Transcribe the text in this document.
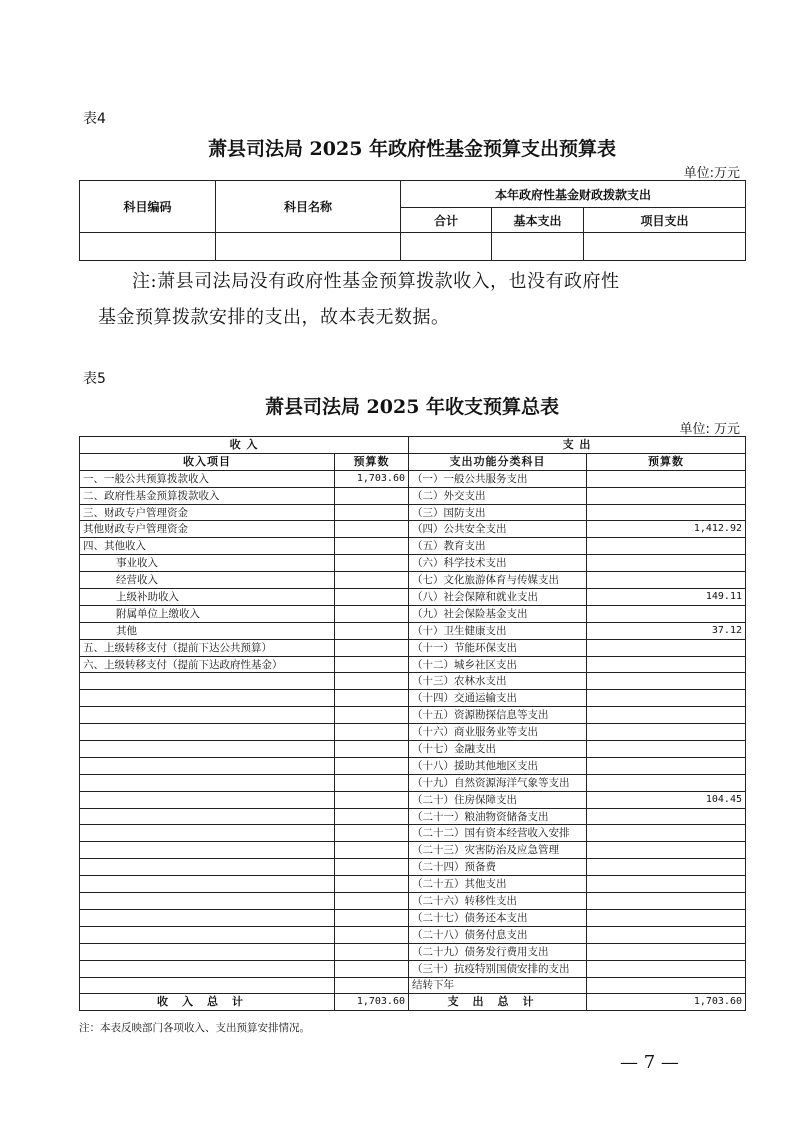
表4
萧县司法局 2025 年政府性基金预算支出预算表
单位:万元
科目编码	科目名称	本年政府性基金财政拨款支出		
		合计	基本支出	项目支出

注:萧县司法局没有政府性基金预算拨款收入，也没有政府性
基金预算拨款安排的支出，故本表无数据。
表5
萧县司法局 2025 年收支预算总表
单位: 万元
收 入		支 出	
收入项目	预算数	支出功能分类科目	预算数
一、一般公共预算拨款收入	1,703.60	（一）一般公共服务支出	
二、政府性基金预算拨款收入		（二）外交支出	
三、财政专户管理资金		（三）国防支出	
其他财政专户管理资金		（四）公共安全支出	1,412.92
四、其他收入		（五）教育支出	
事业收入		（六）科学技术支出	
经营收入		（七）文化旅游体育与传媒支出	
上级补助收入		（八）社会保障和就业支出	149.11
附属单位上缴收入		（九）社会保险基金支出	
其他		（十）卫生健康支出	37.12
五、上级转移支付（提前下达公共预算）		（十一）节能环保支出	
六、上级转移支付（提前下达政府性基金）		（十二）城乡社区支出	
		（十三）农林水支出	
		（十四）交通运输支出	
		（十五）资源勘探信息等支出	
		（十六）商业服务业等支出	
		（十七）金融支出	
		（十八）援助其他地区支出	
		（十九）自然资源海洋气象等支出	
		（二十）住房保障支出	104.45
		（二十一）粮油物资储备支出	
		（二十二）国有资本经营收入安排	
		（二十三）灾害防治及应急管理	
		（二十四）预备费	
		（二十五）其他支出	
		（二十六）转移性支出	
		（二十七）债务还本支出	
		（二十八）债务付息支出	
		（二十九）债务发行费用支出	
		（三十）抗疫特别国债安排的支出	
		结转下年	
收入总计	1,703.60	支出总计	1,703.60
注：本表反映部门各项收入、支出预算安排情况。
— 7 —
